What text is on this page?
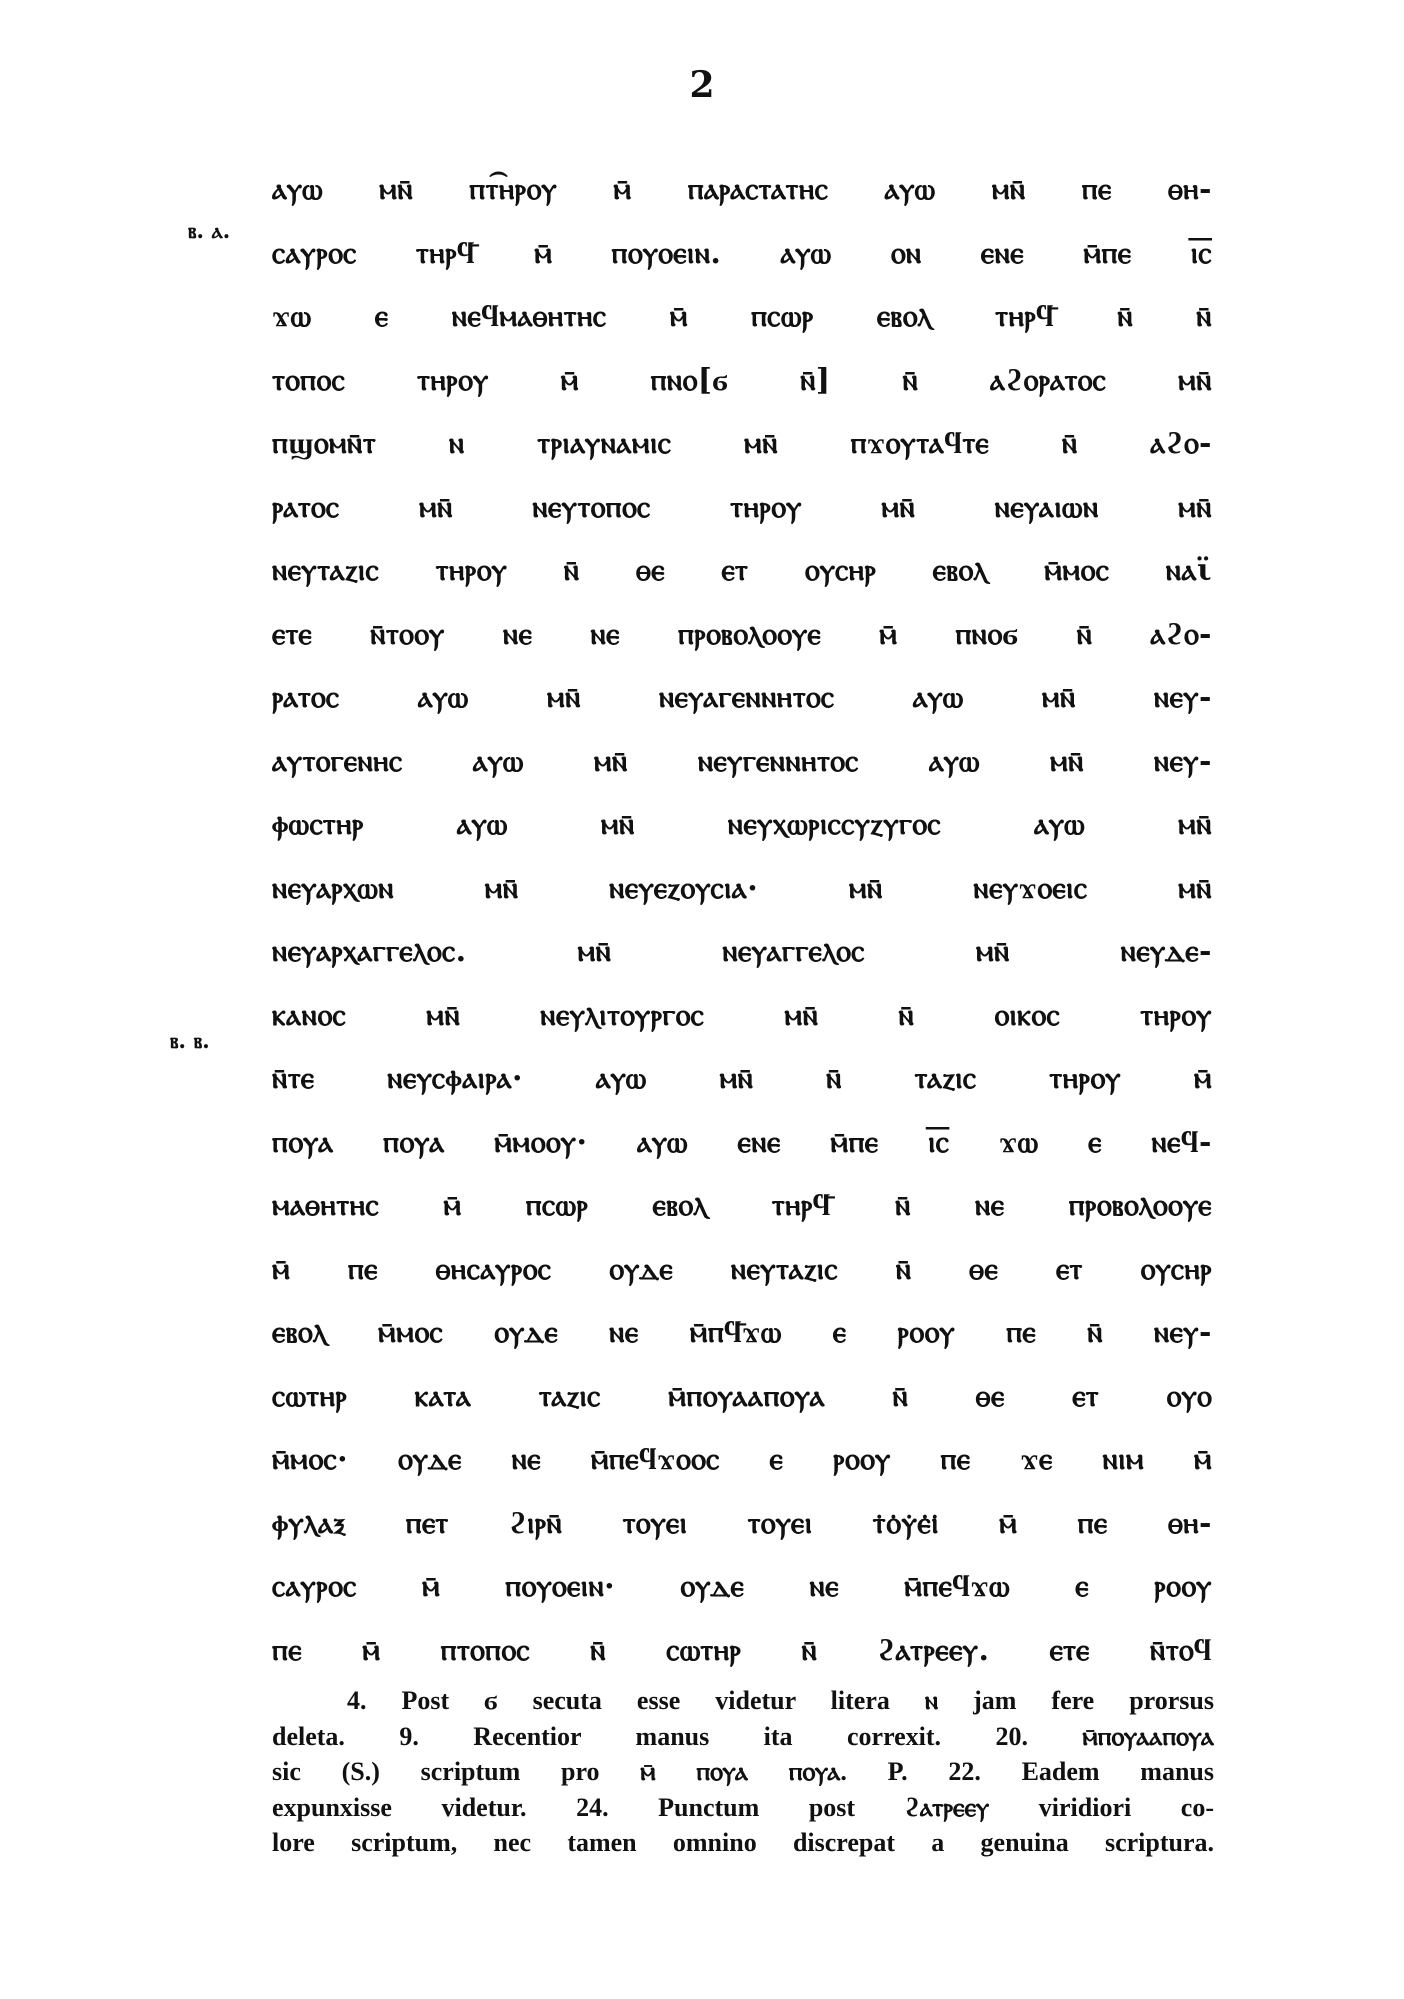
2
ⲃ. ⲁ.
ⲃ. ⲃ.
ⲁⲩⲱ ⲙⲛ̄ ⲡⲧ͡ⲏⲣⲟⲩ ⲙ̄ ⲡⲁⲣⲁⲥⲧⲁⲧⲏⲥ ⲁⲩⲱ ⲙⲛ̄ ⲡⲉ ⲑⲏ-
ⲥⲁⲩⲣⲟⲥ ⲧⲏⲣϥ̄ ⲙ̄ ⲡⲟⲩⲟⲉⲓⲛ. ⲁⲩⲱ ⲟⲛ ⲉⲛⲉ ⲙ̄ⲡⲉ ⲓ̅ⲥ̅
ϫⲱ ⲉ ⲛⲉϥⲙⲁⲑⲏⲧⲏⲥ ⲙ̄ ⲡⲥⲱⲣ ⲉⲃⲟⲗ ⲧⲏⲣϥ̄ ⲛ̄ ⲛ̄
ⲧⲟⲡⲟⲥ ⲧⲏⲣⲟⲩ ⲙ̄ ⲡⲛⲟ[ϭ ⲛ̄] ⲛ̄ ⲁϩⲟⲣⲁⲧⲟⲥ ⲙⲛ̄
ⲡϣⲟⲙⲛ̄ⲧ ⲛ ⲧⲣⲓⲁⲩⲛⲁⲙⲓⲥ ⲙⲛ̄ ⲡϫⲟⲩⲧⲁϥⲧⲉ ⲛ̄ ⲁϩⲟ-
ⲣⲁⲧⲟⲥ ⲙⲛ̄ ⲛⲉⲩⲧⲟⲡⲟⲥ ⲧⲏⲣⲟⲩ ⲙⲛ̄ ⲛⲉⲩⲁⲓⲱⲛ ⲙⲛ̄
ⲛⲉⲩⲧⲁⲍⲓⲥ ⲧⲏⲣⲟⲩ ⲛ̄ ⲑⲉ ⲉⲧ ⲟⲩⲥⲏⲣ ⲉⲃⲟⲗ ⲙ̄ⲙⲟⲥ ⲛⲁϊ
ⲉⲧⲉ ⲛ̄ⲧⲟⲟⲩ ⲛⲉ ⲛⲉ ⲡⲣⲟⲃⲟⲗⲟⲟⲩⲉ ⲙ̄ ⲡⲛⲟϭ ⲛ̄ ⲁϩⲟ-
ⲣⲁⲧⲟⲥ ⲁⲩⲱ ⲙⲛ̄ ⲛⲉⲩⲁⲅⲉⲛⲛⲏⲧⲟⲥ ⲁⲩⲱ ⲙⲛ̄ ⲛⲉⲩ-
ⲁⲩⲧⲟⲅⲉⲛⲏⲥ ⲁⲩⲱ ⲙⲛ̄ ⲛⲉⲩⲅⲉⲛⲛⲏⲧⲟⲥ ⲁⲩⲱ ⲙⲛ̄ ⲛⲉⲩ-
ⲫⲱⲥⲧⲏⲣ ⲁⲩⲱ ⲙⲛ̄ ⲛⲉⲩⲭⲱⲣⲓⲥⲥⲩⲍⲩⲅⲟⲥ ⲁⲩⲱ ⲙⲛ̄
ⲛⲉⲩⲁⲣⲭⲱⲛ ⲙⲛ̄ ⲛⲉⲩⲉⲍⲟⲩⲥⲓⲁ· ⲙⲛ̄ ⲛⲉⲩϫⲟⲉⲓⲥ ⲙⲛ̄
ⲛⲉⲩⲁⲣⲭⲁⲅⲅⲉⲗⲟⲥ. ⲙⲛ̄ ⲛⲉⲩⲁⲅⲅⲉⲗⲟⲥ ⲙⲛ̄ ⲛⲉⲩⲇⲉ-
ⲕⲁⲛⲟⲥ ⲙⲛ̄ ⲛⲉⲩⲗⲓⲧⲟⲩⲣⲅⲟⲥ ⲙⲛ̄ ⲛ̄ ⲟⲓⲕⲟⲥ ⲧⲏⲣⲟⲩ
ⲛ̄ⲧⲉ ⲛⲉⲩⲥⲫⲁⲓⲣⲁ· ⲁⲩⲱ ⲙⲛ̄ ⲛ̄ ⲧⲁⲍⲓⲥ ⲧⲏⲣⲟⲩ ⲙ̄
ⲡⲟⲩⲁ ⲡⲟⲩⲁ ⲙ̄ⲙⲟⲟⲩ· ⲁⲩⲱ ⲉⲛⲉ ⲙ̄ⲡⲉ ⲓ̅ⲥ̅ ϫⲱ ⲉ ⲛⲉϥ-
ⲙⲁⲑⲏⲧⲏⲥ ⲙ̄ ⲡⲥⲱⲣ ⲉⲃⲟⲗ ⲧⲏⲣϥ̄ ⲛ̄ ⲛⲉ ⲡⲣⲟⲃⲟⲗⲟⲟⲩⲉ
ⲙ̄ ⲡⲉ ⲑⲏⲥⲁⲩⲣⲟⲥ ⲟⲩⲇⲉ ⲛⲉⲩⲧⲁⲍⲓⲥ ⲛ̄ ⲑⲉ ⲉⲧ ⲟⲩⲥⲏⲣ
ⲉⲃⲟⲗ ⲙ̄ⲙⲟⲥ ⲟⲩⲇⲉ ⲛⲉ ⲙ̄ⲡϥ̄ϫⲱ ⲉ ⲣⲟⲟⲩ ⲡⲉ ⲛ̄ ⲛⲉⲩ-
ⲥⲱⲧⲏⲣ ⲕⲁⲧⲁ ⲧⲁⲍⲓⲥ ⲙ̄ⲡⲟⲩⲁⲁⲡⲟⲩⲁ ⲛ̄ ⲑⲉ ⲉⲧ ⲟⲩⲟ
ⲙ̄ⲙⲟⲥ· ⲟⲩⲇⲉ ⲛⲉ ⲙ̄ⲡⲉϥϫⲟⲟⲥ ⲉ ⲣⲟⲟⲩ ⲡⲉ ϫⲉ ⲛⲓⲙ ⲙ̄
ⲫⲩⲗⲁⲝ ⲡⲉⲧ ϩⲓⲣⲛ̄ ⲧⲟⲩⲉⲓ ⲧⲟⲩⲉⲓ ⲧ̇ⲟ̇ⲩ̇ⲉ̇ⲓ̇ ⲙ̄ ⲡⲉ ⲑⲏ-
ⲥⲁⲩⲣⲟⲥ ⲙ̄ ⲡⲟⲩⲟⲉⲓⲛ· ⲟⲩⲇⲉ ⲛⲉ ⲙ̄ⲡⲉϥϫⲱ ⲉ ⲣⲟⲟⲩ
ⲡⲉ ⲙ̄ ⲡⲧⲟⲡⲟⲥ ⲛ̄ ⲥⲱⲧⲏⲣ ⲛ̄ ϩⲁⲧⲣⲉⲉⲩ. ⲉⲧⲉ ⲛ̄ⲧⲟϥ
4. Post ϭ secuta esse videtur litera ⲛ jam fere prorsus
deleta. 9. Recentior manus ita correxit. 20. ⲙ̄ⲡⲟⲩⲁⲁⲡⲟⲩⲁ
sic (S.) scriptum pro ⲙ̄ ⲡⲟⲩⲁ ⲡⲟⲩⲁ. P. 22. Eadem manus
expunxisse videtur. 24. Punctum post ϩⲁⲧⲣⲉⲉⲩ viridiori co-
lore scriptum, nec tamen omnino discrepat a genuina scriptura.
